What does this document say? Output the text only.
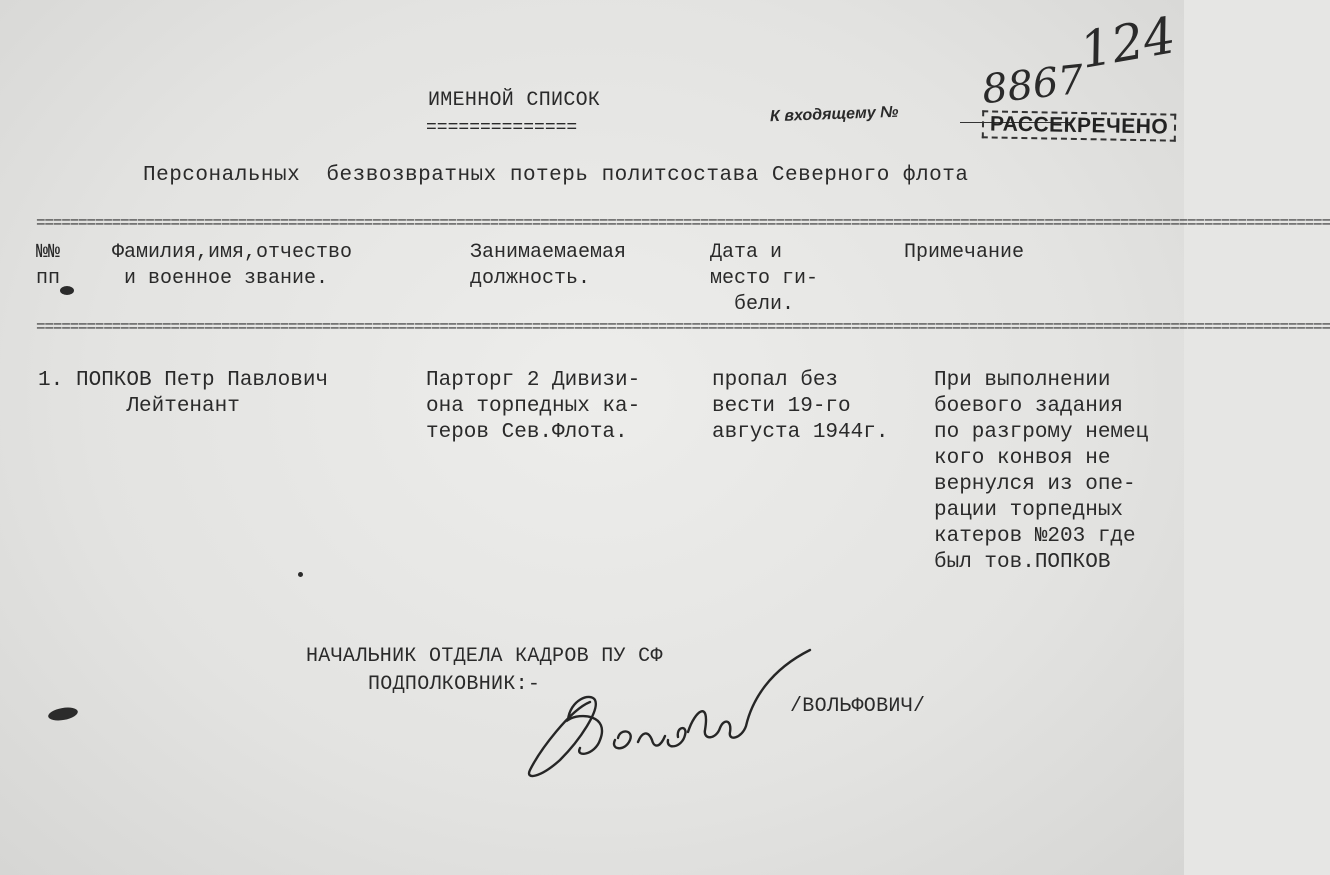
ИМЕННОЙ СПИСОК
==============
К входящему №
8867
124
РАССЕКРЕЧЕНО
Персональных  безвозвратных потерь политсостава Северного флота
==========================================================================================================================================================
№№
пп
Фамилия,имя,отчество
и военное звание.
Занимаемаемая
должность.
Дата и
место ги-
бели.
Примечание
==========================================================================================================================================================
1. ПОПКОВ Петр Павлович
Лейтенант
Парторг 2 Дивизи-
она торпедных ка-
теров Сев.Флота.
пропал без
вести 19-го
августа 1944г.
При выполнении
боевого задания
по разгрому немец
кого конвоя не
вернулся из опе-
рации торпедных
катеров №203 где
был тов.ПОПКОВ
НАЧАЛЬНИК ОТДЕЛА КАДРОВ ПУ СФ
ПОДПОЛКОВНИК:-
/ВОЛЬФОВИЧ/
